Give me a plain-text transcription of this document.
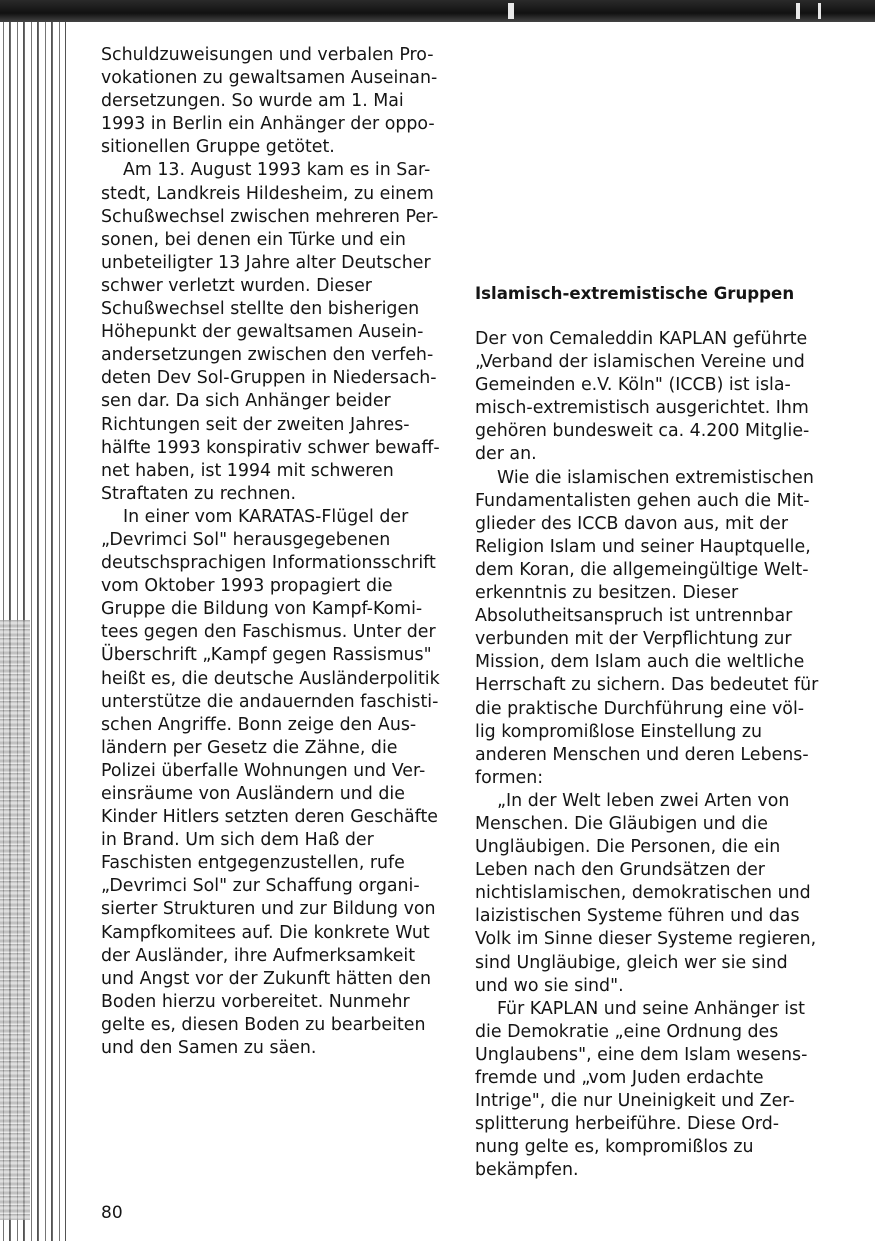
Schuldzuweisungen und verbalen Pro-

vokationen zu gewaltsamen Auseinan-

dersetzungen. So wurde am 1. Mai

1993 in Berlin ein Anhänger der oppo-

sitionellen Gruppe getötet.

Am 13. August 1993 kam es in Sar-

stedt, Landkreis Hildesheim, zu einem

Schußwechsel zwischen mehreren Per-

sonen, bei denen ein Türke und ein

unbeteiligter 13 Jahre alter Deutscher

schwer verletzt wurden. Dieser

Schußwechsel stellte den bisherigen

Höhepunkt der gewaltsamen Ausein-

andersetzungen zwischen den verfeh-

deten Dev Sol-Gruppen in Niedersach-

sen dar. Da sich Anhänger beider

Richtungen seit der zweiten Jahres-

hälfte 1993 konspirativ schwer bewaff-

net haben, ist 1994 mit schweren

Straftaten zu rechnen.

In einer vom KARATAS-Flügel der

„Devrimci Sol" herausgegebenen

deutschsprachigen Informationsschrift

vom Oktober 1993 propagiert die

Gruppe die Bildung von Kampf-Komi-

tees gegen den Faschismus. Unter der

Überschrift „Kampf gegen Rassismus"

heißt es, die deutsche Ausländerpolitik

unterstütze die andauernden faschisti-

schen Angriffe. Bonn zeige den Aus-

ländern per Gesetz die Zähne, die

Polizei überfalle Wohnungen und Ver-

einsräume von Ausländern und die

Kinder Hitlers setzten deren Geschäfte

in Brand. Um sich dem Haß der

Faschisten entgegenzustellen, rufe

„Devrimci Sol" zur Schaffung organi-

sierter Strukturen und zur Bildung von

Kampfkomitees auf. Die konkrete Wut

der Ausländer, ihre Aufmerksamkeit

und Angst vor der Zukunft hätten den

Boden hierzu vorbereitet. Nunmehr

gelte es, diesen Boden zu bearbeiten

und den Samen zu säen.

Islamisch-extremistische Gruppen

Der von Cemaleddin KAPLAN geführte

„Verband der islamischen Vereine und

Gemeinden e.V. Köln" (ICCB) ist isla-

misch-extremistisch ausgerichtet. Ihm

gehören bundesweit ca. 4.200 Mitglie-

der an.

Wie die islamischen extremistischen

Fundamentalisten gehen auch die Mit-

glieder des ICCB davon aus, mit der

Religion Islam und seiner Hauptquelle,

dem Koran, die allgemeingültige Welt-

erkenntnis zu besitzen. Dieser

Absolutheitsanspruch ist untrennbar

verbunden mit der Verpflichtung zur

Mission, dem Islam auch die weltliche

Herrschaft zu sichern. Das bedeutet für

die praktische Durchführung eine völ-

lig kompromißlose Einstellung zu

anderen Menschen und deren Lebens-

formen:

„In der Welt leben zwei Arten von

Menschen. Die Gläubigen und die

Ungläubigen. Die Personen, die ein

Leben nach den Grundsätzen der

nichtislamischen, demokratischen und

laizistischen Systeme führen und das

Volk im Sinne dieser Systeme regieren,

sind Ungläubige, gleich wer sie sind

und wo sie sind".

Für KAPLAN und seine Anhänger ist

die Demokratie „eine Ordnung des

Unglaubens", eine dem Islam wesens-

fremde und „vom Juden erdachte

Intrige", die nur Uneinigkeit und Zer-

splitterung herbeiführe. Diese Ord-

nung gelte es, kompromißlos zu

bekämpfen.

80
